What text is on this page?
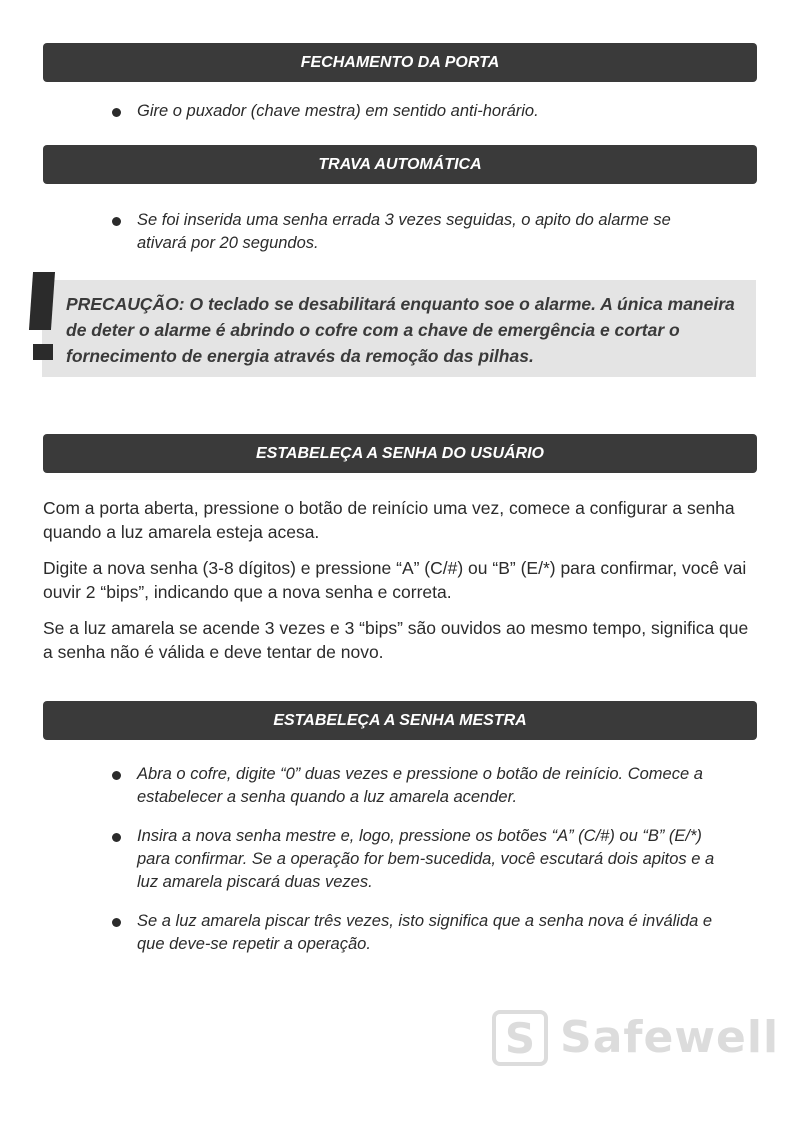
FECHAMENTO DA PORTA
Gire o puxador (chave mestra) em sentido anti-horário.
TRAVA AUTOMÁTICA
Se foi inserida uma senha errada 3 vezes seguidas, o apito do alarme se ativará por 20 segundos.
PRECAUÇÃO: O teclado se desabilitará enquanto soe o alarme. A única maneira de deter o alarme é abrindo o cofre com a chave de emergência e cortar o fornecimento de energia através da remoção das pilhas.
ESTABELEÇA A SENHA DO USUÁRIO

Com a porta aberta, pressione o botão de reinício uma vez, comece a configurar a senha quando a luz amarela esteja acesa.

Digite a nova senha (3-8 dígitos) e pressione “A” (C/#) ou “B” (E/*) para confirmar, você vai ouvir 2 “bips”, indicando que a nova senha e correta.

Se a luz amarela se acende 3 vezes e 3 “bips” são ouvidos ao mesmo tempo, significa que a senha não é válida e deve tentar de novo.

ESTABELEÇA A SENHA MESTRA
Abra o cofre, digite “0” duas vezes e pressione o botão de reinício. Comece a estabelecer a senha quando a luz amarela acender.
Insira a nova senha mestre e, logo, pressione os botões “A” (C/#) ou “B” (E/*) para confirmar. Se a operação for bem-sucedida, você escutará dois apitos e a luz amarela piscará duas vezes.
Se a luz amarela piscar três vezes, isto significa que a senha nova é inválida e que deve-se repetir a operação.
S Safewell
